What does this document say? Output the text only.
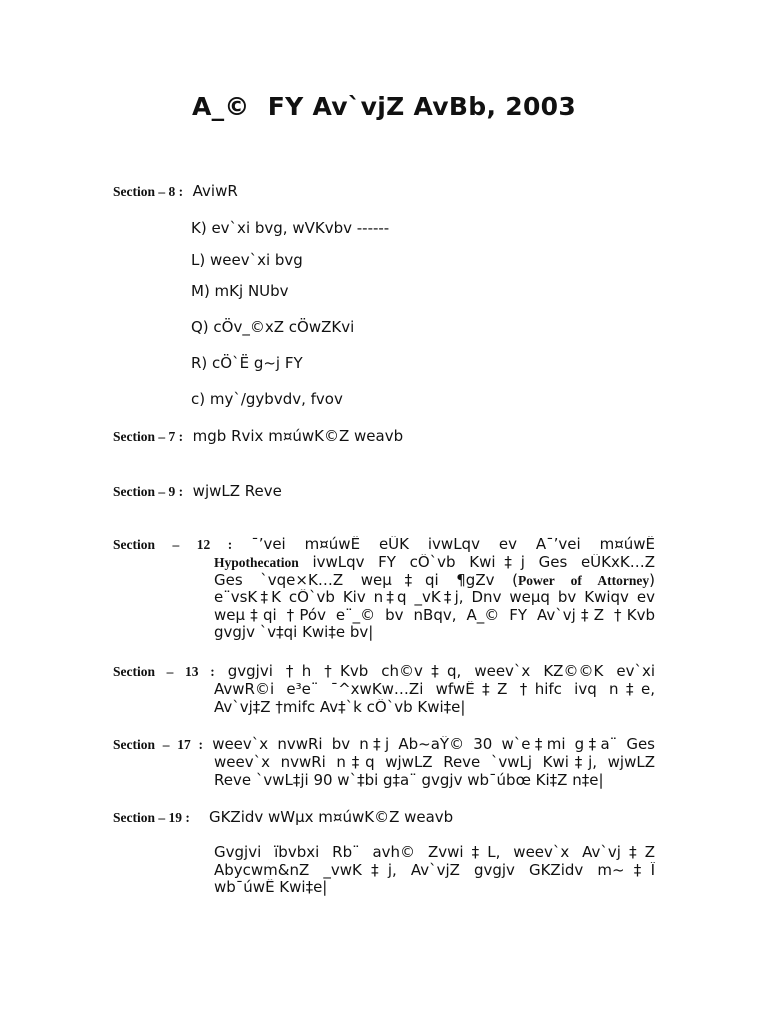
A_©  FY Av`vjZ AvBb, 2003
Section – 8 : AviwR
K) ev`xi bvg, wVKvbv ------
L) weev`xi bvg
M) mKj NUbv
Q) cÖv_©xZ cÖwZKvi
R) cÖ`Ë g~j FY
c) my`/gybvdv, fvov
Section – 7 : mgb Rvix m¤úwK©Z weavb
Section – 9 : wjwLZ Reve
Section – 12 : ¯’vei m¤úwË eÜK ivwLqv ev A¯’vei m¤úwË
Hypothecation ivwLqv FY cÖ`vb Kwi‡j Ges eÜKxK…Z
Ges `vqe×K…Z weµ‡qi ¶gZv (Power of Attorney)
e¨vsK‡K cÖ`vb Kiv n‡q _vK‡j, Dnv weµq bv Kwiqv ev
weµ‡qi †Póv e¨_© bv nBqv, A_© FY Av`vj‡Z †Kvb
gvgjv `v‡qi Kwi‡e bv|
Section – 13 : gvgjvi †h †Kvb ch©v‡q, weev`x KZ©©K ev`xi
AvwR©i e³e¨ ¯^xwKw…Zi wfwË‡Z †hifc ivq n‡e,
Av`vj‡Z †mifc Av‡`k cÖ`vb Kwi‡e|
Section – 17 : weev`x nvwRi bv n‡j Ab~aŸ© 30 w`e‡mi g‡a¨ Ges
weev`x nvwRi n‡q wjwLZ Reve `vwLj Kwi‡j, wjwLZ
Reve `vwL‡ji 90 w`‡bi g‡a¨ gvgjv wb¯úbœ Ki‡Z n‡e|
Section – 19 : GKZidv wWµx m¤úwK©Z weavb
Gvgjvi ïbvbxi Rb¨ avh© Zvwi‡L, weev`x Av`vj‡Z
Abycwm&nZ _vwK‡j, Av`vjZ gvgjv GKZidv m~‡Î
wb¯úwË Kwi‡e|
